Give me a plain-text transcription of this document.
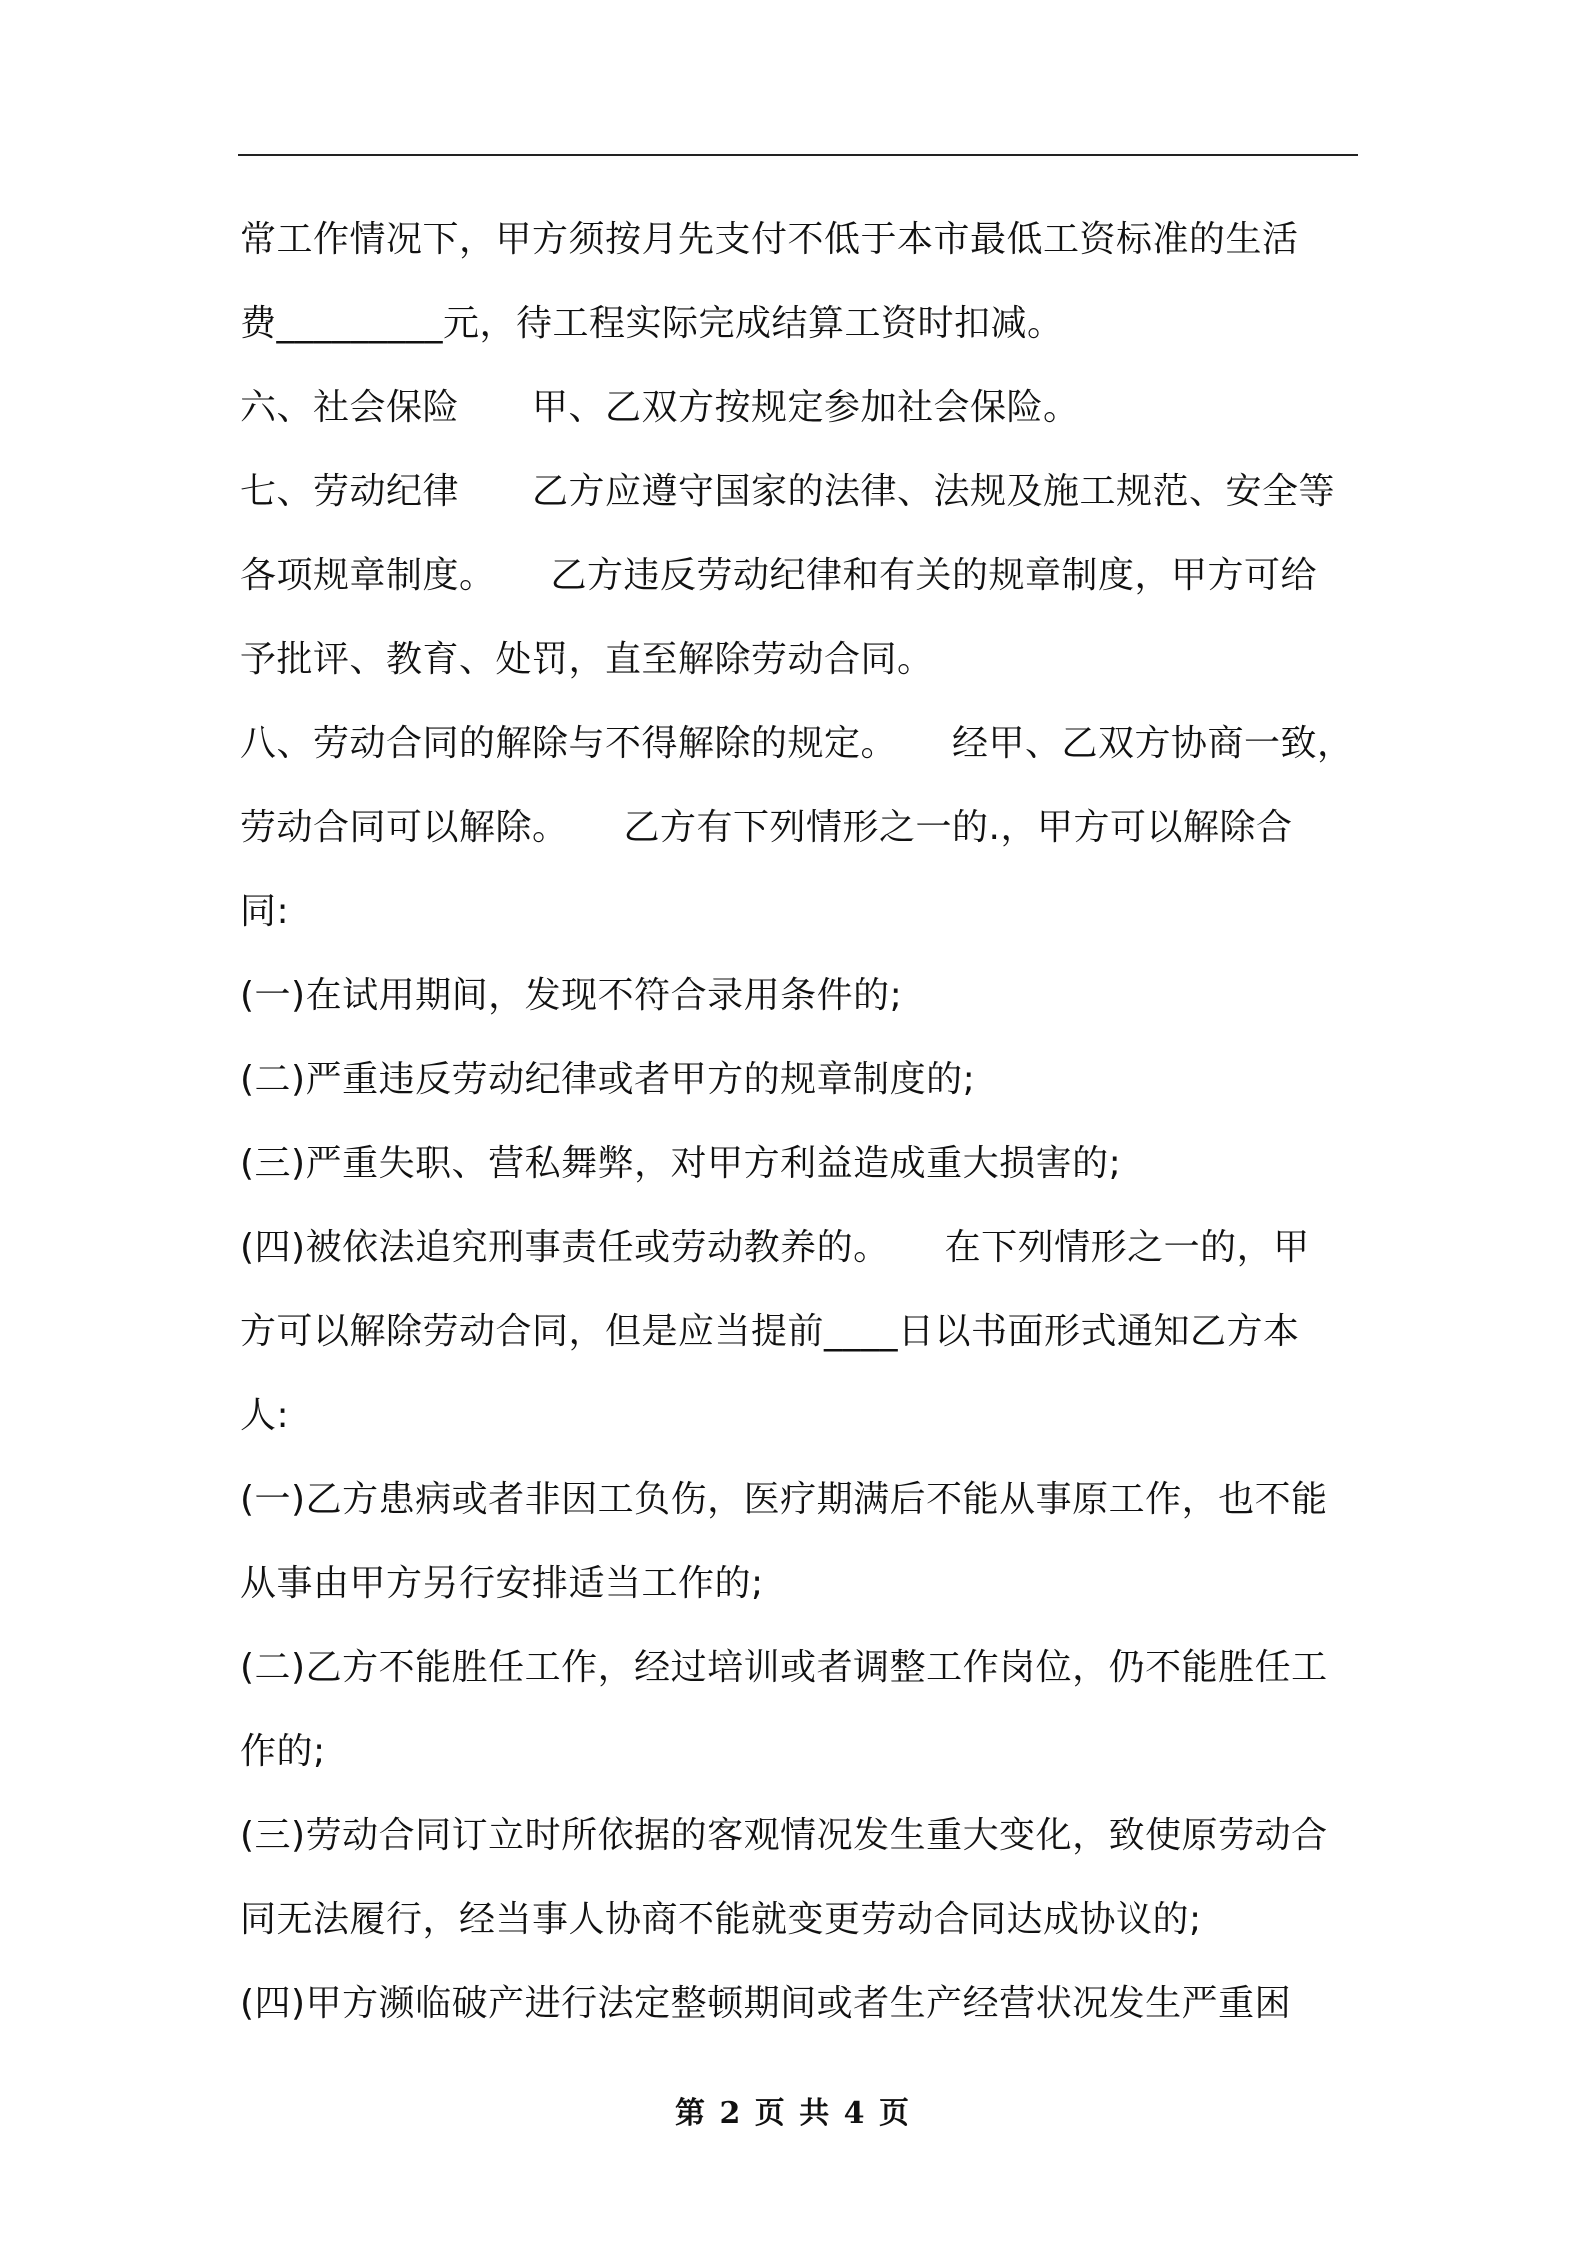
常工作情况下，甲方须按月先支付不低于本市最低工资标准的生活
费_________元，待工程实际完成结算工资时扣减。
六、社会保险　　甲、乙双方按规定参加社会保险。
七、劳动纪律　　乙方应遵守国家的法律、法规及施工规范、安全等
各项规章制度。　　乙方违反劳动纪律和有关的规章制度，甲方可给
予批评、教育、处罚，直至解除劳动合同。
八、劳动合同的解除与不得解除的规定。　　经甲、乙双方协商一致，
劳动合同可以解除。　　乙方有下列情形之一的.，甲方可以解除合
同:
(一)在试用期间，发现不符合录用条件的;
(二)严重违反劳动纪律或者甲方的规章制度的;
(三)严重失职、营私舞弊，对甲方利益造成重大损害的;
(四)被依法追究刑事责任或劳动教养的。　　在下列情形之一的，甲
方可以解除劳动合同，但是应当提前____日以书面形式通知乙方本
人:
(一)乙方患病或者非因工负伤，医疗期满后不能从事原工作，也不能
从事由甲方另行安排适当工作的;
(二)乙方不能胜任工作，经过培训或者调整工作岗位，仍不能胜任工
作的;
(三)劳动合同订立时所依据的客观情况发生重大变化，致使原劳动合
同无法履行，经当事人协商不能就变更劳动合同达成协议的;
(四)甲方濒临破产进行法定整顿期间或者生产经营状况发生严重困
第 2 页 共 4 页
